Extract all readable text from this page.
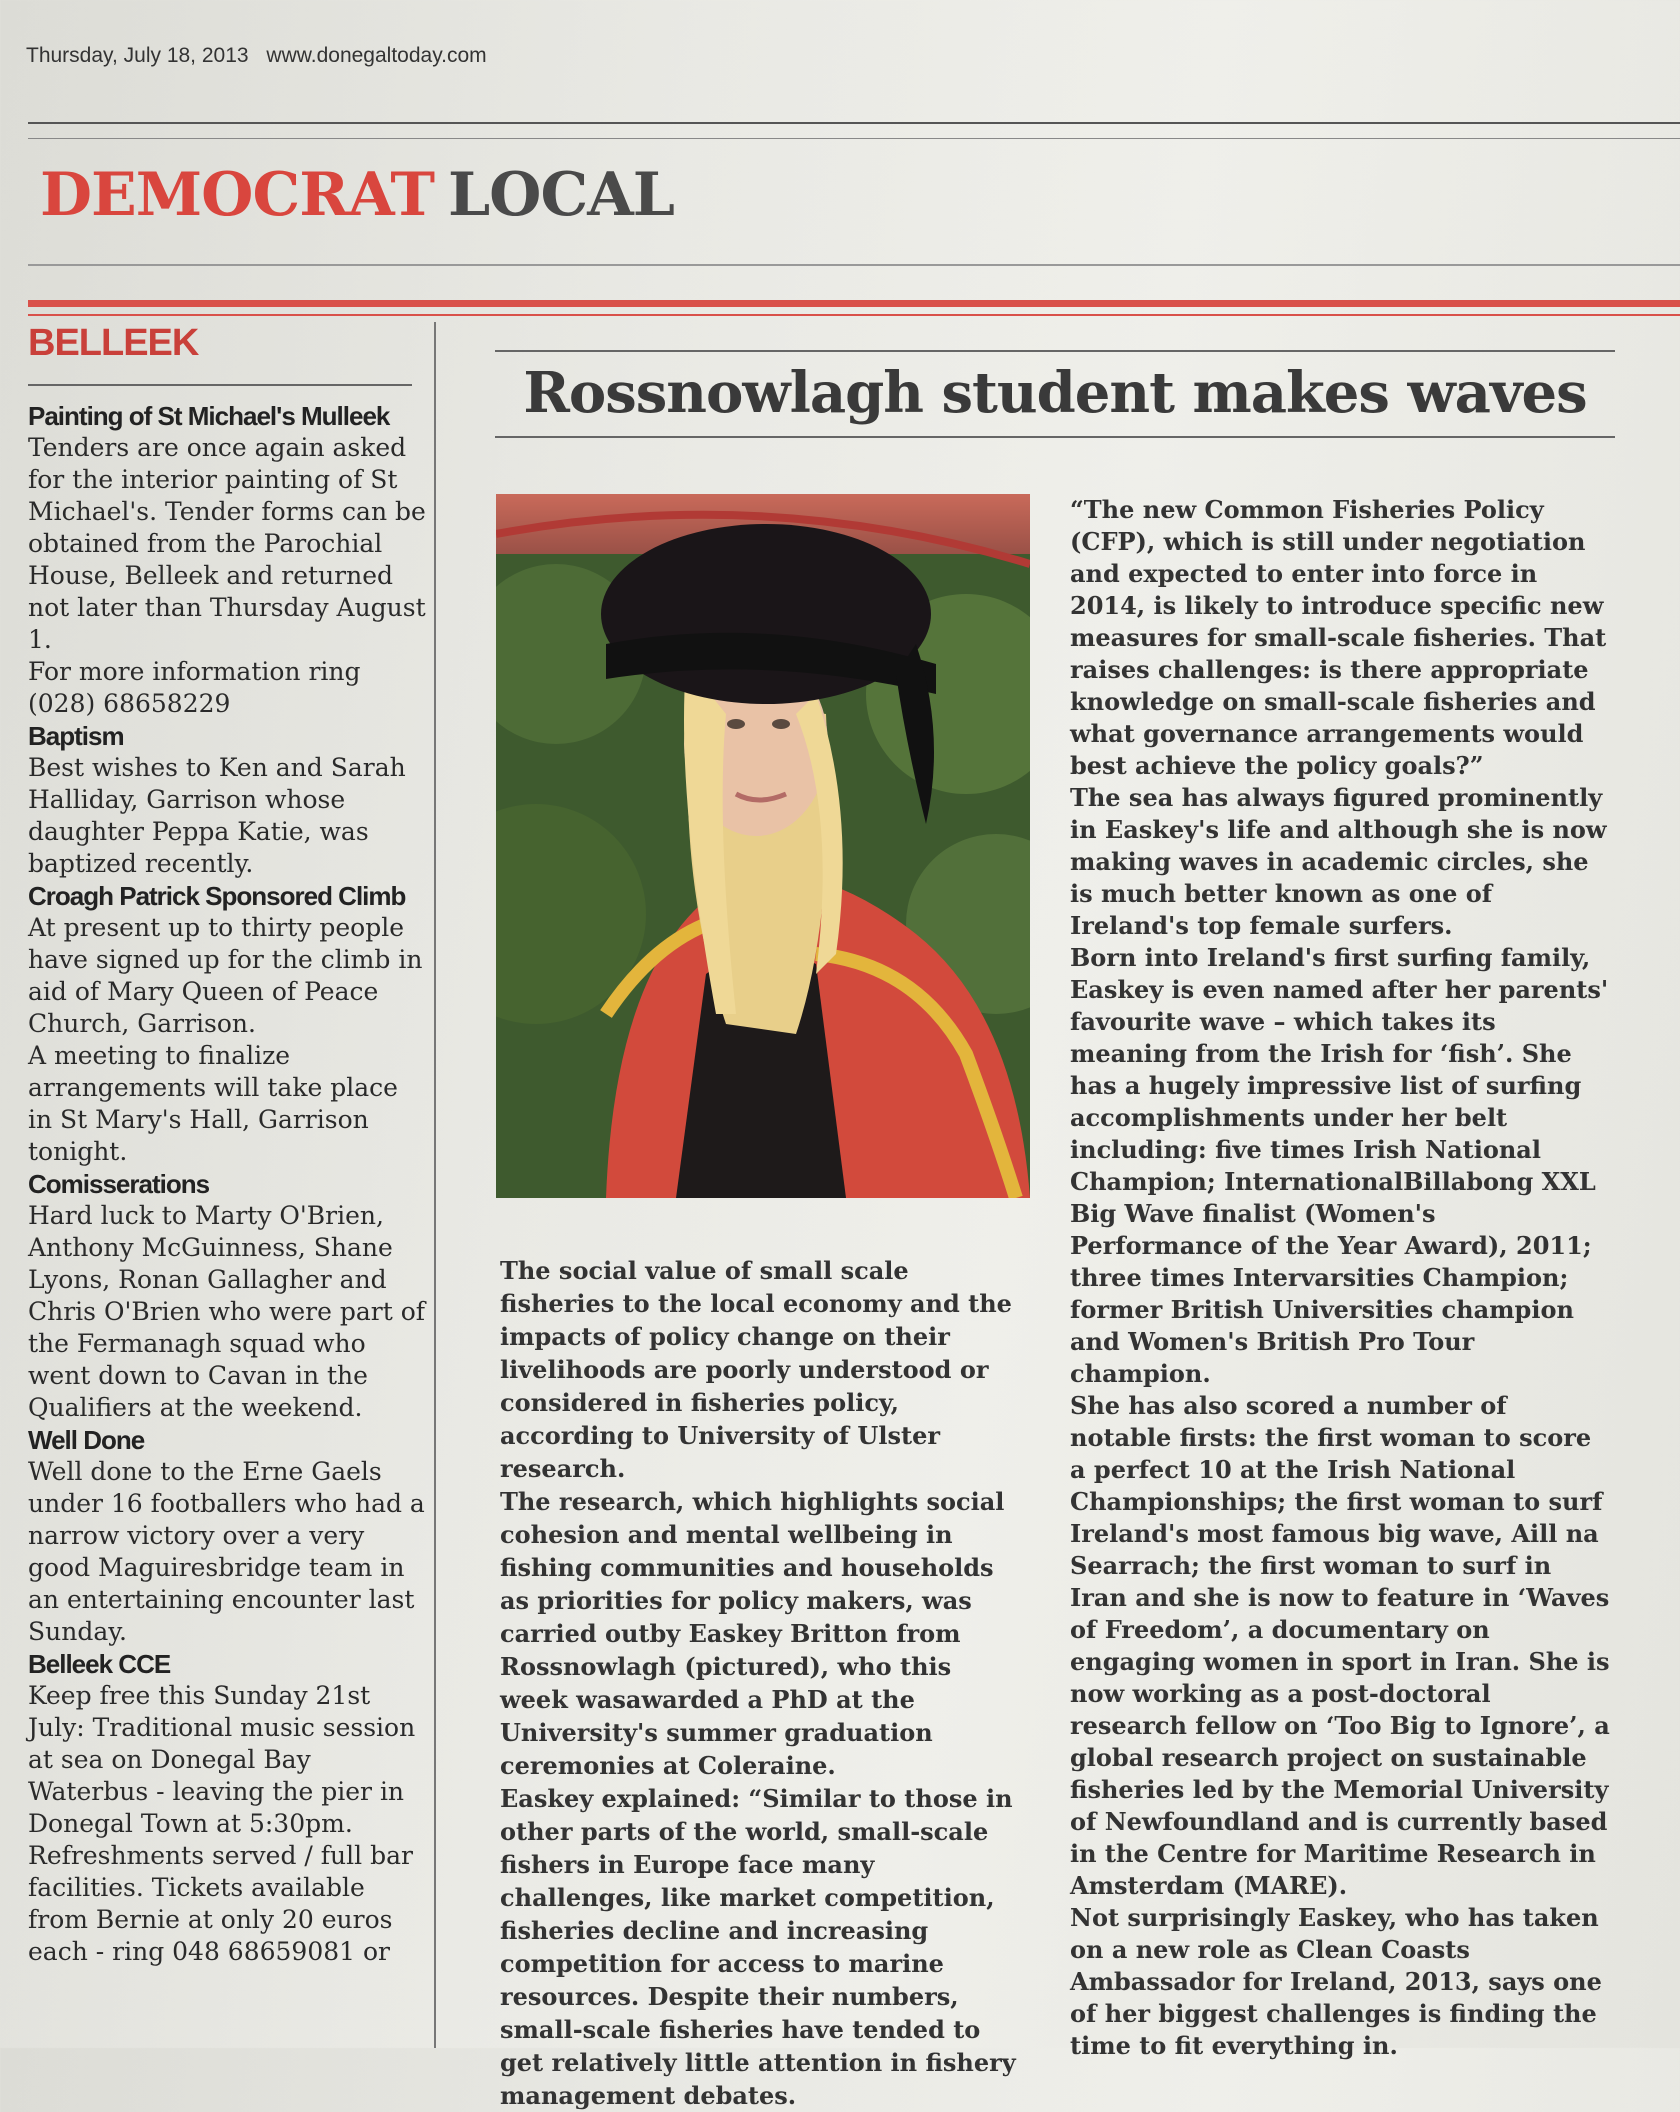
Thursday, July 18, 2013 www.donegaltoday.com
DEMOCRAT LOCAL
BELLEEK
Painting of St Michael's Mulleek

Tenders are once again asked for the interior painting of St Michael's. Tender forms can be obtained from the Parochial House, Belleek and returned not later than Thursday August 1.

For more information ring (028) 68658229

Baptism

Best wishes to Ken and Sarah Halliday, Garrison whose daughter Peppa Katie, was baptized recently.

Croagh Patrick Sponsored Climb

At present up to thirty people have signed up for the climb in aid of Mary Queen of Peace Church, Garrison.

A meeting to finalize arrangements will take place in St Mary's Hall, Garrison tonight.

Comisserations

Hard luck to Marty O'Brien, Anthony McGuinness, Shane Lyons, Ronan Gallagher and Chris O'Brien who were part of the Fermanagh squad who went down to Cavan in the Qualifiers at the weekend.

Well Done

Well done to the Erne Gaels under 16 footballers who had a narrow victory over a very good Maguiresbridge team in an entertaining encounter last Sunday.

Belleek CCE

Keep free this Sunday 21st July: Traditional music session at sea on Donegal Bay Waterbus - leaving the pier in Donegal Town at 5:30pm. Refreshments served / full bar facilities. Tickets available from Bernie at only 20 euros each - ring 048 68659081 or

Rossnowlagh student makes waves

The social value of small scale fisheries to the local economy and the impacts of policy change on their livelihoods are poorly understood or considered in fisheries policy, according to University of Ulster research.

The research, which highlights social cohesion and mental wellbeing in fishing communities and households as priorities for policy makers, was carried outby Easkey Britton from Rossnowlagh (pictured), who this week wasawarded a PhD at the University's summer graduation ceremonies at Coleraine.

Easkey explained: “Similar to those in other parts of the world, small-scale fishers in Europe face many challenges, like market competition, fisheries decline and increasing competition for access to marine resources. Despite their numbers, small-scale fisheries have tended to get relatively little attention in fishery management debates.

“The new Common Fisheries Policy (CFP), which is still under negotiation and expected to enter into force in 2014, is likely to introduce specific new measures for small-scale fisheries. That raises challenges: is there appropriate knowledge on small-scale fisheries and what governance arrangements would best achieve the policy goals?”

The sea has always figured prominently in Easkey's life and although she is now making waves in academic circles, she is much better known as one of Ireland's top female surfers.

Born into Ireland's first surfing family, Easkey is even named after her parents' favourite wave – which takes its meaning from the Irish for ‘fish’. She has a hugely impressive list of surfing accomplishments under her belt including: five times Irish National Champion; InternationalBillabong XXL Big Wave finalist (Women's Performance of the Year Award), 2011; three times Intervarsities Champion; former British Universities champion and Women's British Pro Tour champion.

She has also scored a number of notable firsts: the first woman to score a perfect 10 at the Irish National Championships; the first woman to surf Ireland's most famous big wave, Aill na Searrach; the first woman to surf in Iran and she is now to feature in ‘Waves of Freedom’, a documentary on engaging women in sport in Iran. She is now working as a post-doctoral research fellow on ‘Too Big to Ignore’, a global research project on sustainable fisheries led by the Memorial University of Newfoundland and is currently based in the Centre for Maritime Research in Amsterdam (MARE).

Not surprisingly Easkey, who has taken on a new role as Clean Coasts Ambassador for Ireland, 2013, says one of her biggest challenges is finding the time to fit everything in.
